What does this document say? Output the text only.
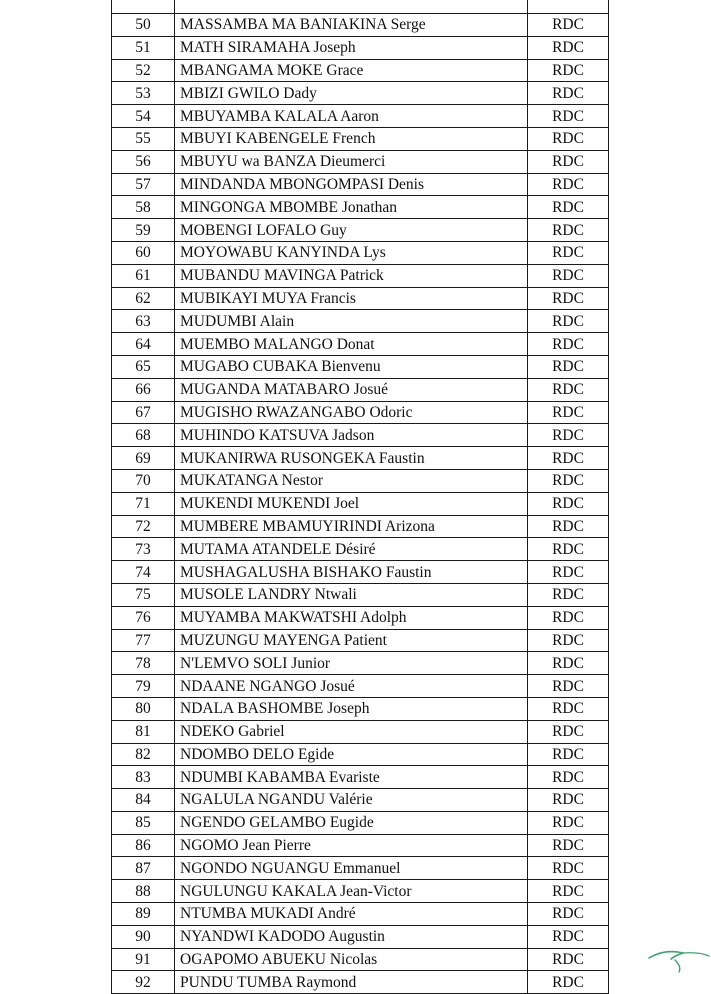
50	MASSAMBA MA BANIAKINA Serge	RDC
51	MATH SIRAMAHA Joseph	RDC
52	MBANGAMA MOKE Grace	RDC
53	MBIZI GWILO Dady	RDC
54	MBUYAMBA KALALA Aaron	RDC
55	MBUYI KABENGELE French	RDC
56	MBUYU wa BANZA Dieumerci	RDC
57	MINDANDA MBONGOMPASI Denis	RDC
58	MINGONGA MBOMBE Jonathan	RDC
59	MOBENGI LOFALO Guy	RDC
60	MOYOWABU KANYINDA Lys	RDC
61	MUBANDU MAVINGA Patrick	RDC
62	MUBIKAYI MUYA Francis	RDC
63	MUDUMBI Alain	RDC
64	MUEMBO MALANGO Donat	RDC
65	MUGABO CUBAKA Bienvenu	RDC
66	MUGANDA MATABARO Josué	RDC
67	MUGISHO RWAZANGABO Odoric	RDC
68	MUHINDO KATSUVA Jadson	RDC
69	MUKANIRWA RUSONGEKA Faustin	RDC
70	MUKATANGA Nestor	RDC
71	MUKENDI MUKENDI Joel	RDC
72	MUMBERE MBAMUYIRINDI Arizona	RDC
73	MUTAMA ATANDELE Désiré	RDC
74	MUSHAGALUSHA BISHAKO Faustin	RDC
75	MUSOLE LANDRY Ntwali	RDC
76	MUYAMBA MAKWATSHI Adolph	RDC
77	MUZUNGU MAYENGA Patient	RDC
78	N'LEMVO SOLI Junior	RDC
79	NDAANE NGANGO Josué	RDC
80	NDALA BASHOMBE Joseph	RDC
81	NDEKO Gabriel	RDC
82	NDOMBO DELO Egide	RDC
83	NDUMBI KABAMBA Evariste	RDC
84	NGALULA NGANDU Valérie	RDC
85	NGENDO GELAMBO Eugide	RDC
86	NGOMO Jean Pierre	RDC
87	NGONDO NGUANGU Emmanuel	RDC
88	NGULUNGU KAKALA Jean-Victor	RDC
89	NTUMBA MUKADI André	RDC
90	NYANDWI KADODO Augustin	RDC
91	OGAPOMO ABUEKU Nicolas	RDC
92	PUNDU TUMBA Raymond	RDC
